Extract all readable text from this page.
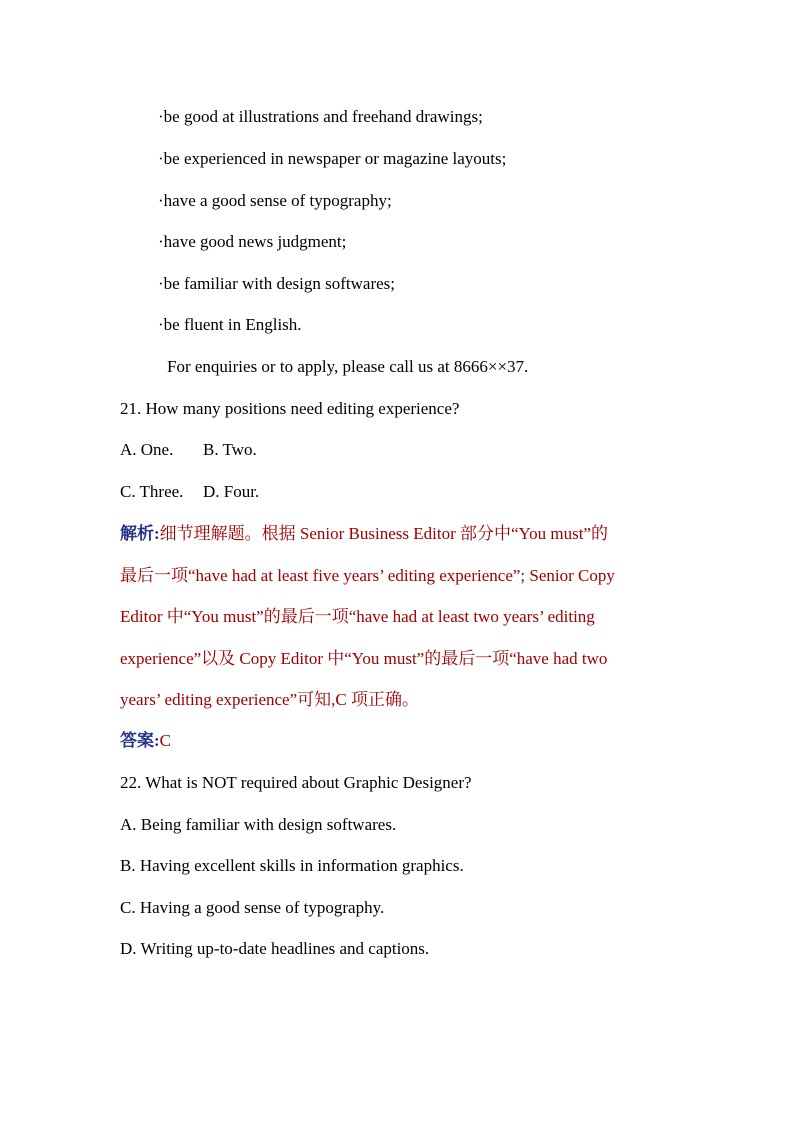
·be good at illustrations and freehand drawings;
·be experienced in newspaper or magazine layouts;
·have a good sense of typography;
·have good news judgment;
·be familiar with design softwares;
·be fluent in English.
For enquiries or to apply, please call us at 8666××37.
21. How many positions need editing experience?
A. One. B. Two.
C. Three. D. Four.
解析:细节理解题。根据 Senior Business Editor 部分中“You must”的
最后一项“have had at least five years’ editing experience”; Senior Copy
Editor 中“You must”的最后一项“have had at least two years’ editing
experience”以及 Copy Editor 中“You must”的最后一项“have had two
years’ editing experience”可知,C 项正确。
答案:C
22. What is NOT required about Graphic Designer?
A. Being familiar with design softwares.
B. Having excellent skills in information graphics.
C. Having a good sense of typography.
D. Writing up-to-date headlines and captions.
